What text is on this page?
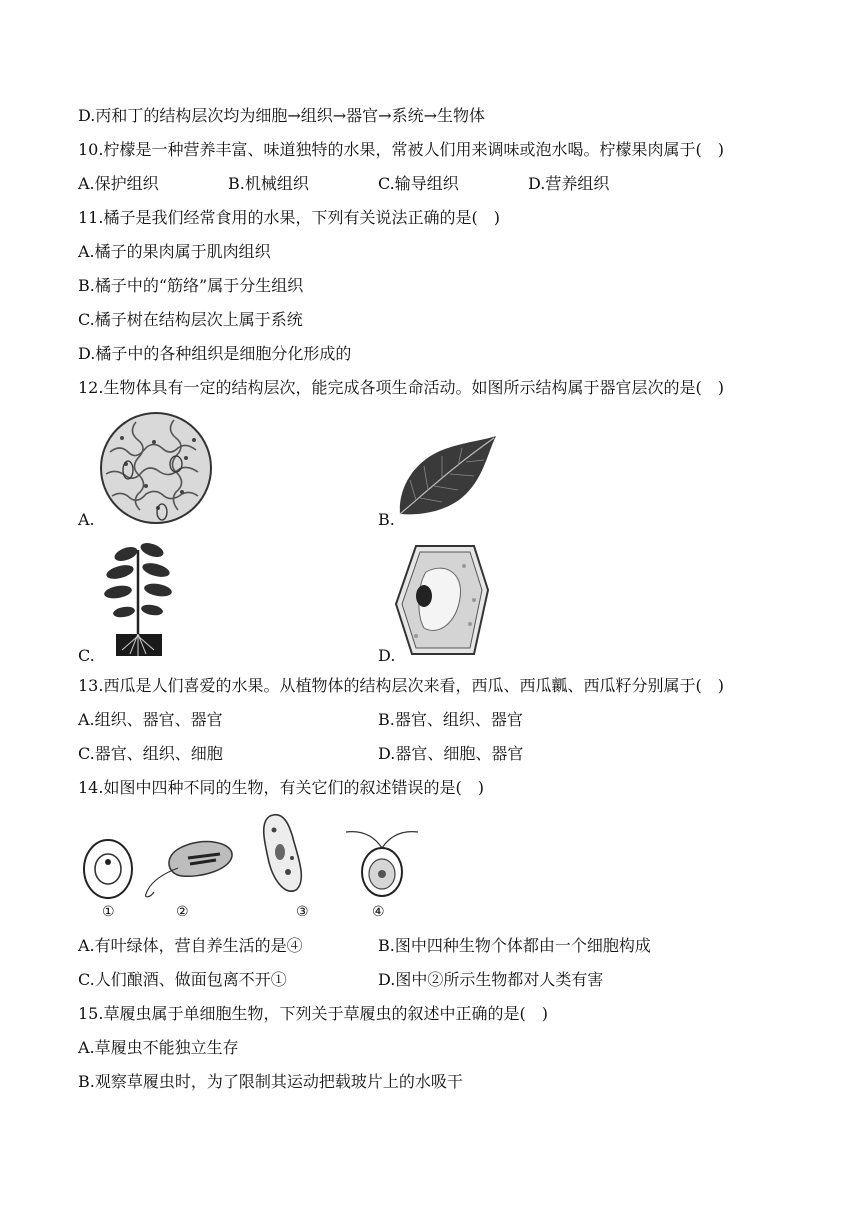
D.丙和丁的结构层次均为细胞→组织→器官→系统→生物体
10.柠檬是一种营养丰富、味道独特的水果，常被人们用来调味或泡水喝。柠檬果肉属于(　)
A.保护组织	B.机械组织	C.输导组织	D.营养组织
11.橘子是我们经常食用的水果，下列有关说法正确的是(　)
A.橘子的果肉属于肌肉组织
B.橘子中的“筋络”属于分生组织
C.橘子树在结构层次上属于系统
D.橘子中的各种组织是细胞分化形成的
12.生物体具有一定的结构层次，能完成各项生命活动。如图所示结构属于器官层次的是(　)
A.	B.
C.	D.
13.西瓜是人们喜爱的水果。从植物体的结构层次来看，西瓜、西瓜瓤、西瓜籽分别属于(　)
A.组织、器官、器官	B.器官、组织、器官
C.器官、组织、细胞	D.器官、细胞、器官
14.如图中四种不同的生物，有关它们的叙述错误的是(　)
①	②	③	④
A.有叶绿体，营自养生活的是④	B.图中四种生物个体都由一个细胞构成
C.人们酿酒、做面包离不开①	D.图中②所示生物都对人类有害
15.草履虫属于单细胞生物，下列关于草履虫的叙述中正确的是(　)
A.草履虫不能独立生存
B.观察草履虫时，为了限制其运动把载玻片上的水吸干
